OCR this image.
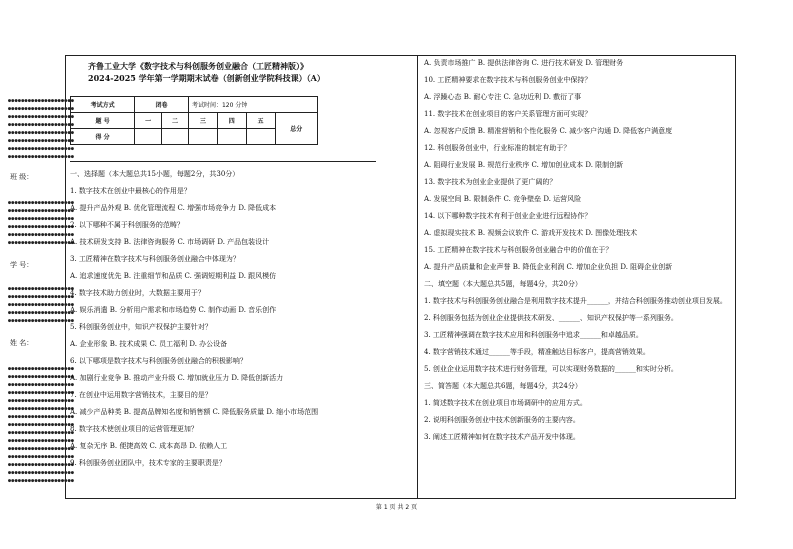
●●●●●●●●●●●●●●●●●●●●
●●●●●●●●●●●●●●●●●●●●
●●●●●●●●●●●●●●●●●●●●
●●●●●●●●●●●●●●●●●●●●
●●●●●●●●●●●●●●●●●●●●
●●●●●●●●●●●●●●●●●●●●
●●●●●●●●●●●●●●●●●●●●
●●●●●●●●●●●●●●●●●●●●
班 级：
●●●●●●●●●●●●●●●●●●●●
●●●●●●●●●●●●●●●●●●●●
●●●●●●●●●●●●●●●●●●●●
●●●●●●●●●●●●●●●●●●●●
●●●●●●●●●●●●●●●●●●●●
●●●●●●●●●●●●●●●●●●●●
学 号：
●●●●●●●●●●●●●●●●●●●●
●●●●●●●●●●●●●●●●●●●●
●●●●●●●●●●●●●●●●●●●●
●●●●●●●●●●●●●●●●●●●●
●●●●●●●●●●●●●●●●●●●●
姓 名：
●●●●●●●●●●●●●●●●●●●●
●●●●●●●●●●●●●●●●●●●●
●●●●●●●●●●●●●●●●●●●●
●●●●●●●●●●●●●●●●●●●●
●●●●●●●●●●●●●●●●●●●●
●●●●●●●●●●●●●●●●●●●●
●●●●●●●●●●●●●●●●●●●●
●●●●●●●●●●●●●●●●●●●●
●●●●●●●●●●●●●●●●●●●●
●●●●●●●●●●●●●●●●●●●●
●●●●●●●●●●●●●●●●●●●●
●●●●●●●●●●●●●●●●●●●●
●●●●●●●●●●●●●●●●●●●●
●●●●●●●●●●●●●●●●●●●●
●●●●●●●●●●●●●●●●●●●●

齐鲁工业大学《数字技术与科创服务创业融合（工匠精神版）》

2024-2025 学年第一学期期末试卷（创新创业学院科技课）（A）

考试方式	闭卷		考试时间：120 分钟			
题 号	一	二	三	四	五	总分
得 分						

一、选择题（本大题总共15小题，每题2分，共30分）

1. 数字技术在创业中最核心的作用是？

A. 提升产品外观 B. 优化管理流程 C. 增强市场竞争力 D. 降低成本

2. 以下哪种不属于科创服务的范畴？

A. 技术研发支持 B. 法律咨询服务 C. 市场调研 D. 产品包装设计

3. 工匠精神在数字技术与科创服务创业融合中体现为？

A. 追求速度优先 B. 注重细节和品质 C. 强调短期利益 D. 跟风模仿

4. 数字技术助力创业时，大数据主要用于？

A. 娱乐消遣 B. 分析用户需求和市场趋势 C. 制作动画 D. 音乐创作

5. 科创服务创业中，知识产权保护主要针对？

A. 企业形象 B. 技术成果 C. 员工福利 D. 办公设备

6. 以下哪项是数字技术与科创服务创业融合的积极影响？

A. 加剧行业竞争 B. 推动产业升级 C. 增加就业压力 D. 降低创新活力

7. 在创业中运用数字营销技术，主要目的是？

A. 减少产品种类 B. 提高品牌知名度和销售额 C. 降低服务质量 D. 缩小市场范围

8. 数字技术使创业项目的运营管理更加？

A. 复杂无序 B. 便捷高效 C. 成本高昂 D. 依赖人工

9. 科创服务创业团队中，技术专家的主要职责是？

A. 负责市场推广 B. 提供法律咨询 C. 进行技术研发 D. 管理财务

10. 工匠精神要求在数字技术与科创服务创业中保持？

A. 浮躁心态 B. 耐心专注 C. 急功近利 D. 敷衍了事

11. 数字技术在创业项目的客户关系管理方面可实现？

A. 忽视客户反馈 B. 精准营销和个性化服务 C. 减少客户沟通 D. 降低客户满意度

12. 科创服务创业中，行业标准的制定有助于？

A. 阻碍行业发展 B. 规范行业秩序 C. 增加创业成本 D. 限制创新

13. 数字技术为创业企业提供了更广阔的？

A. 发展空间 B. 限制条件 C. 竞争壁垒 D. 运营风险

14. 以下哪种数字技术有利于创业企业进行远程协作？

A. 虚拟现实技术 B. 视频会议软件 C. 游戏开发技术 D. 图像处理技术

15. 工匠精神在数字技术与科创服务创业融合中的价值在于？

A. 提升产品质量和企业声誉 B. 降低企业利润 C. 增加企业负担 D. 阻碍企业创新

二、填空题（本大题总共5题，每题4分，共20分）

1. 数字技术与科创服务创业融合是利用数字技术提升______，并结合科创服务推动创业项目发展。

2. 科创服务包括为创业企业提供技术研发、______、知识产权保护等一系列服务。

3. 工匠精神强调在数字技术应用和科创服务中追求______和卓越品质。

4. 数字营销技术通过______等手段，精准触达目标客户，提高营销效果。

5. 创业企业运用数字技术进行财务管理，可以实现财务数据的______和实时分析。

三、简答题（本大题总共6题，每题4分，共24分）

1. 简述数字技术在创业项目市场调研中的应用方式。

2. 说明科创服务创业中技术创新服务的主要内容。

3. 阐述工匠精神如何在数字技术产品开发中体现。

第 1 页 共 2 页
